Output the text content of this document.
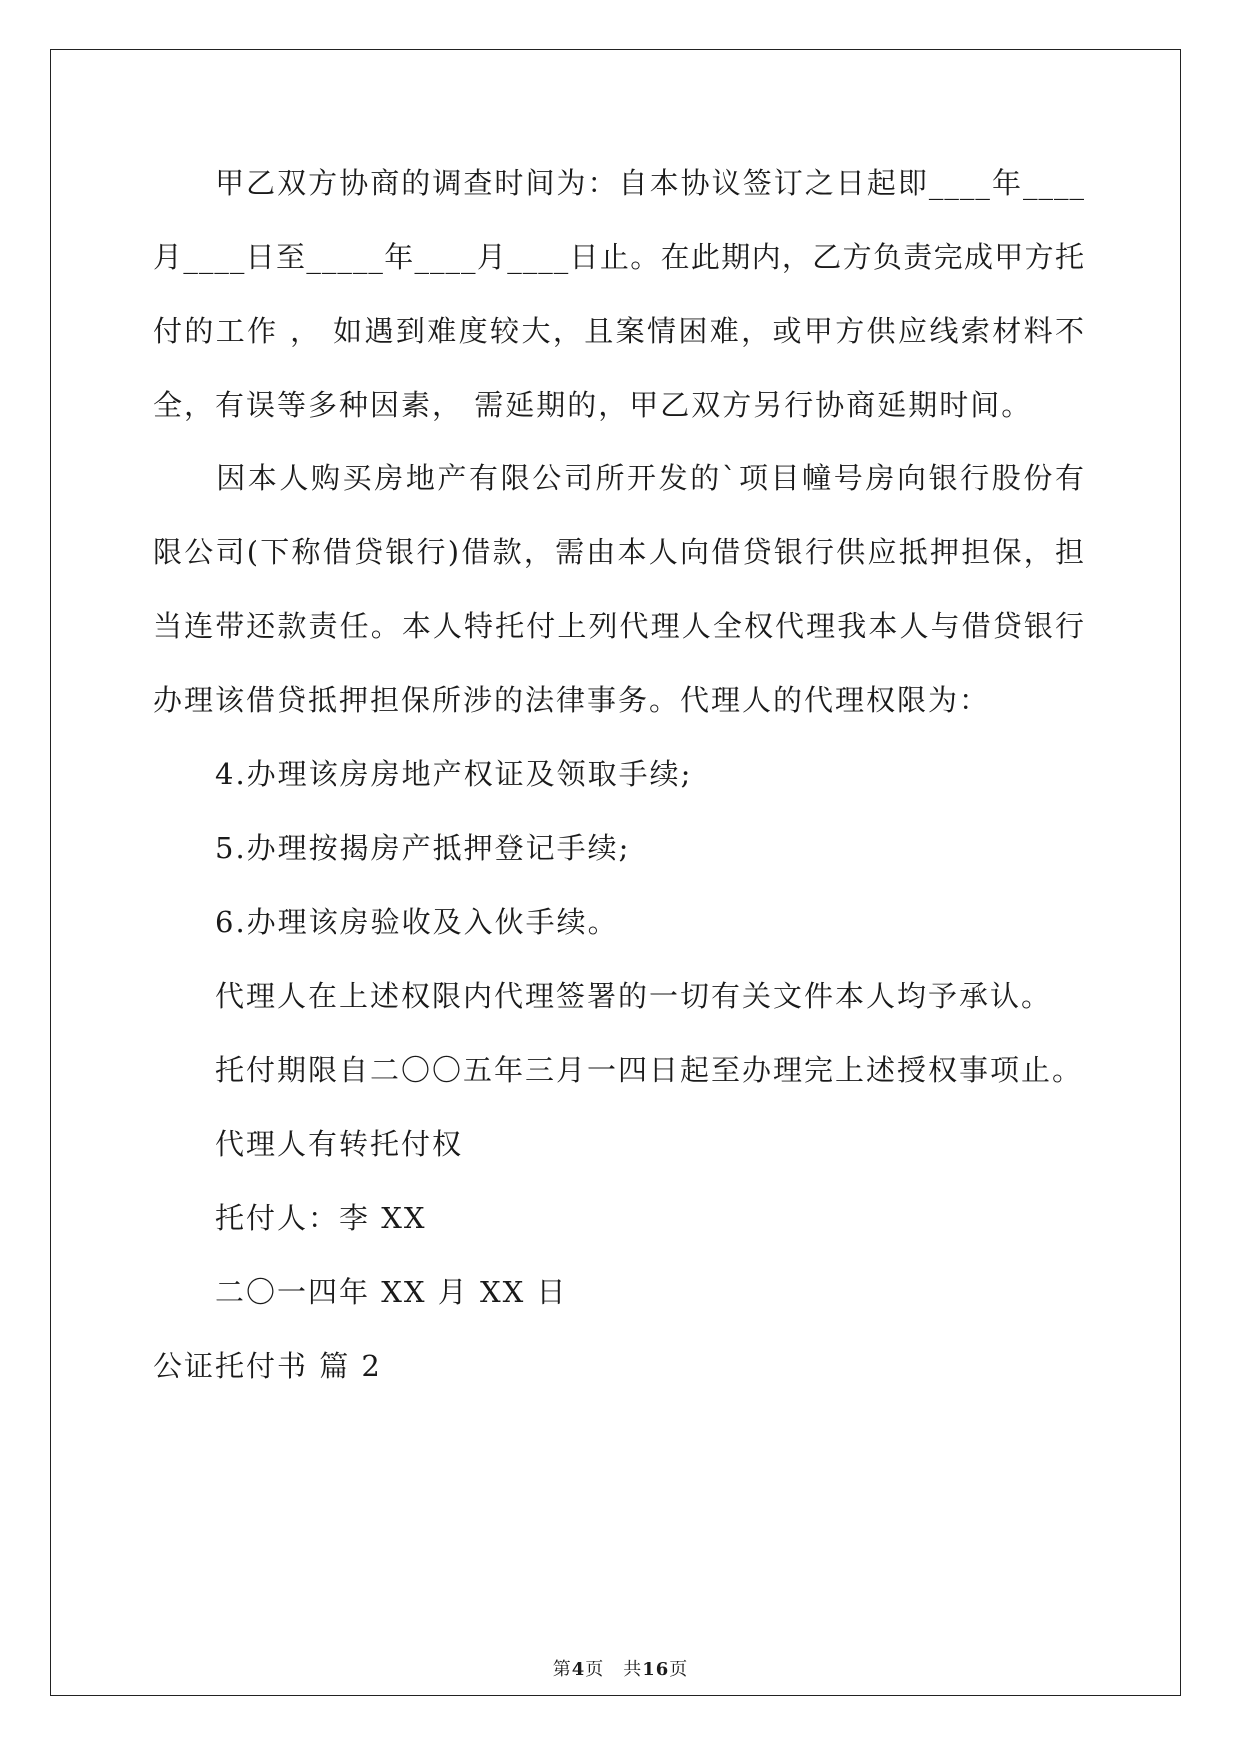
　　甲乙双方协商的调查时间为：自本协议签订之日起即____年____
月____日至_____年____月____日止。在此期内，乙方负责完成甲方托
付的工作 ， 如遇到难度较大，且案情困难，或甲方供应线索材料不
全，有误等多种因素， 需延期的，甲乙双方另行协商延期时间。
　　因本人购买房地产有限公司所开发的`项目幢号房向银行股份有
限公司(下称借贷银行)借款，需由本人向借贷银行供应抵押担保，担
当连带还款责任。本人特托付上列代理人全权代理我本人与借贷银行
办理该借贷抵押担保所涉的法律事务。代理人的代理权限为：
　　4.办理该房房地产权证及领取手续;
　　5.办理按揭房产抵押登记手续;
　　6.办理该房验收及入伙手续。
　　代理人在上述权限内代理签署的一切有关文件本人均予承认。
　　托付期限自二〇〇五年三月一四日起至办理完上述授权事项止。
　　代理人有转托付权
　　托付人：李 XX
　　二〇一四年 XX 月 XX 日
公证托付书 篇 2
第4页　 共16页
